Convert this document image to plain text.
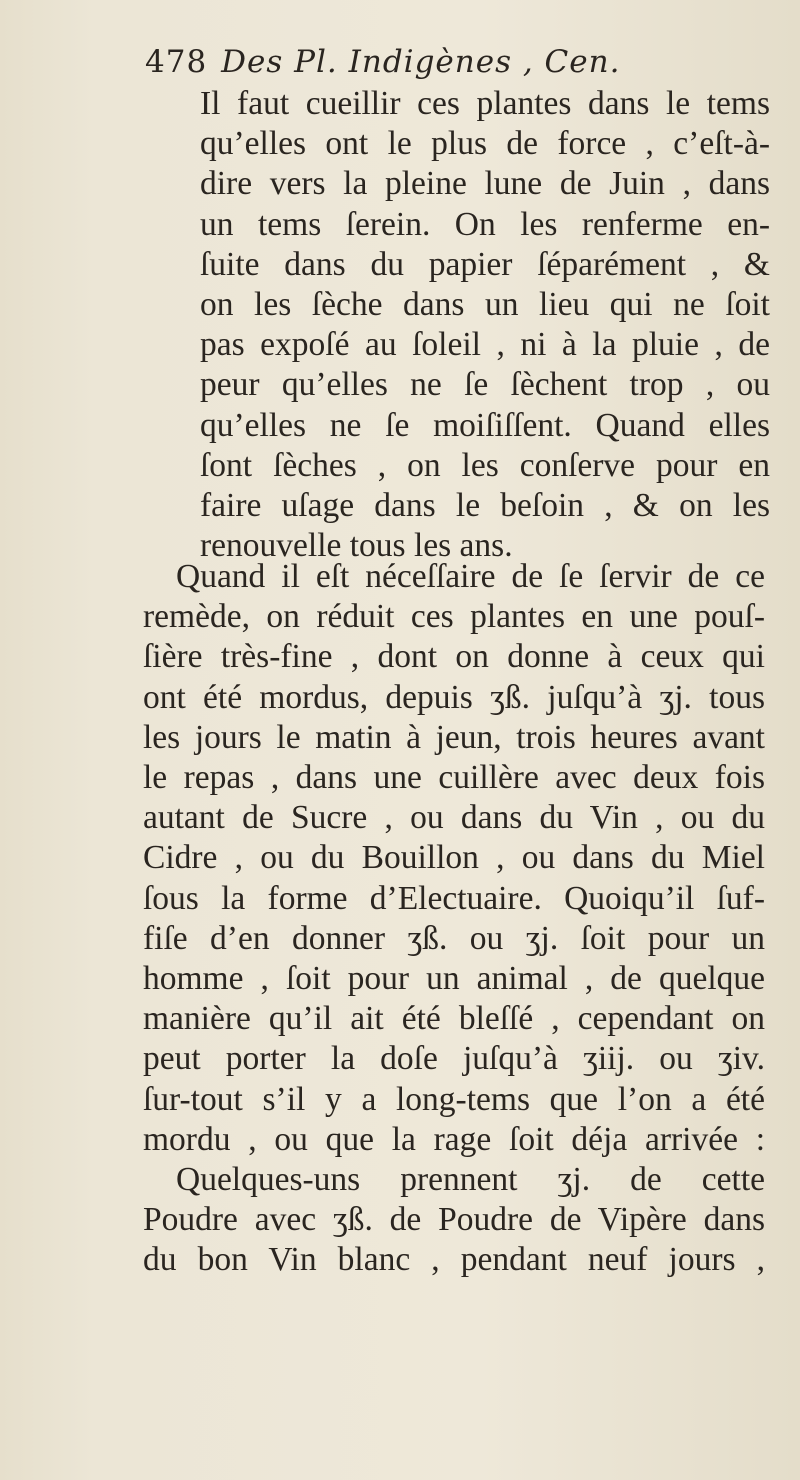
478 Des Pl. Indigènes , Cen.
Il faut cueillir ces plantes dans le tems
qu’elles ont le plus de force , c’eſt-à-
dire vers la pleine lune de Juin , dans
un tems ſerein. On les renferme en-
ſuite dans du papier ſéparément , &
on les ſèche dans un lieu qui ne ſoit
pas expoſé au ſoleil , ni à la pluie , de
peur qu’elles ne ſe ſèchent trop , ou
qu’elles ne ſe moiſiſſent. Quand elles
ſont ſèches , on les conſerve pour en
faire uſage dans le beſoin , & on les
renouvelle tous les ans.
Quand il eſt néceſſaire de ſe ſervir de ce
remède, on réduit ces plantes en une pouſ-
ſière très-fine , dont on donne à ceux qui
ont été mordus, depuis ʒß. juſqu’à ʒj. tous
les jours le matin à jeun, trois heures avant
le repas , dans une cuillère avec deux fois
autant de Sucre , ou dans du Vin , ou du
Cidre , ou du Bouillon , ou dans du Miel
ſous la forme d’Electuaire. Quoiqu’il ſuf-
fiſe d’en donner ʒß. ou ʒj. ſoit pour un
homme , ſoit pour un animal , de quelque
manière qu’il ait été bleſſé , cependant on
peut porter la doſe juſqu’à ʒiij. ou ʒiv.
ſur-tout s’il y a long-tems que l’on a été
mordu , ou que la rage ſoit déja arrivée :
Quelques-uns prennent ʒj. de cette
Poudre avec ʒß. de Poudre de Vipère dans
du bon Vin blanc , pendant neuf jours ,
